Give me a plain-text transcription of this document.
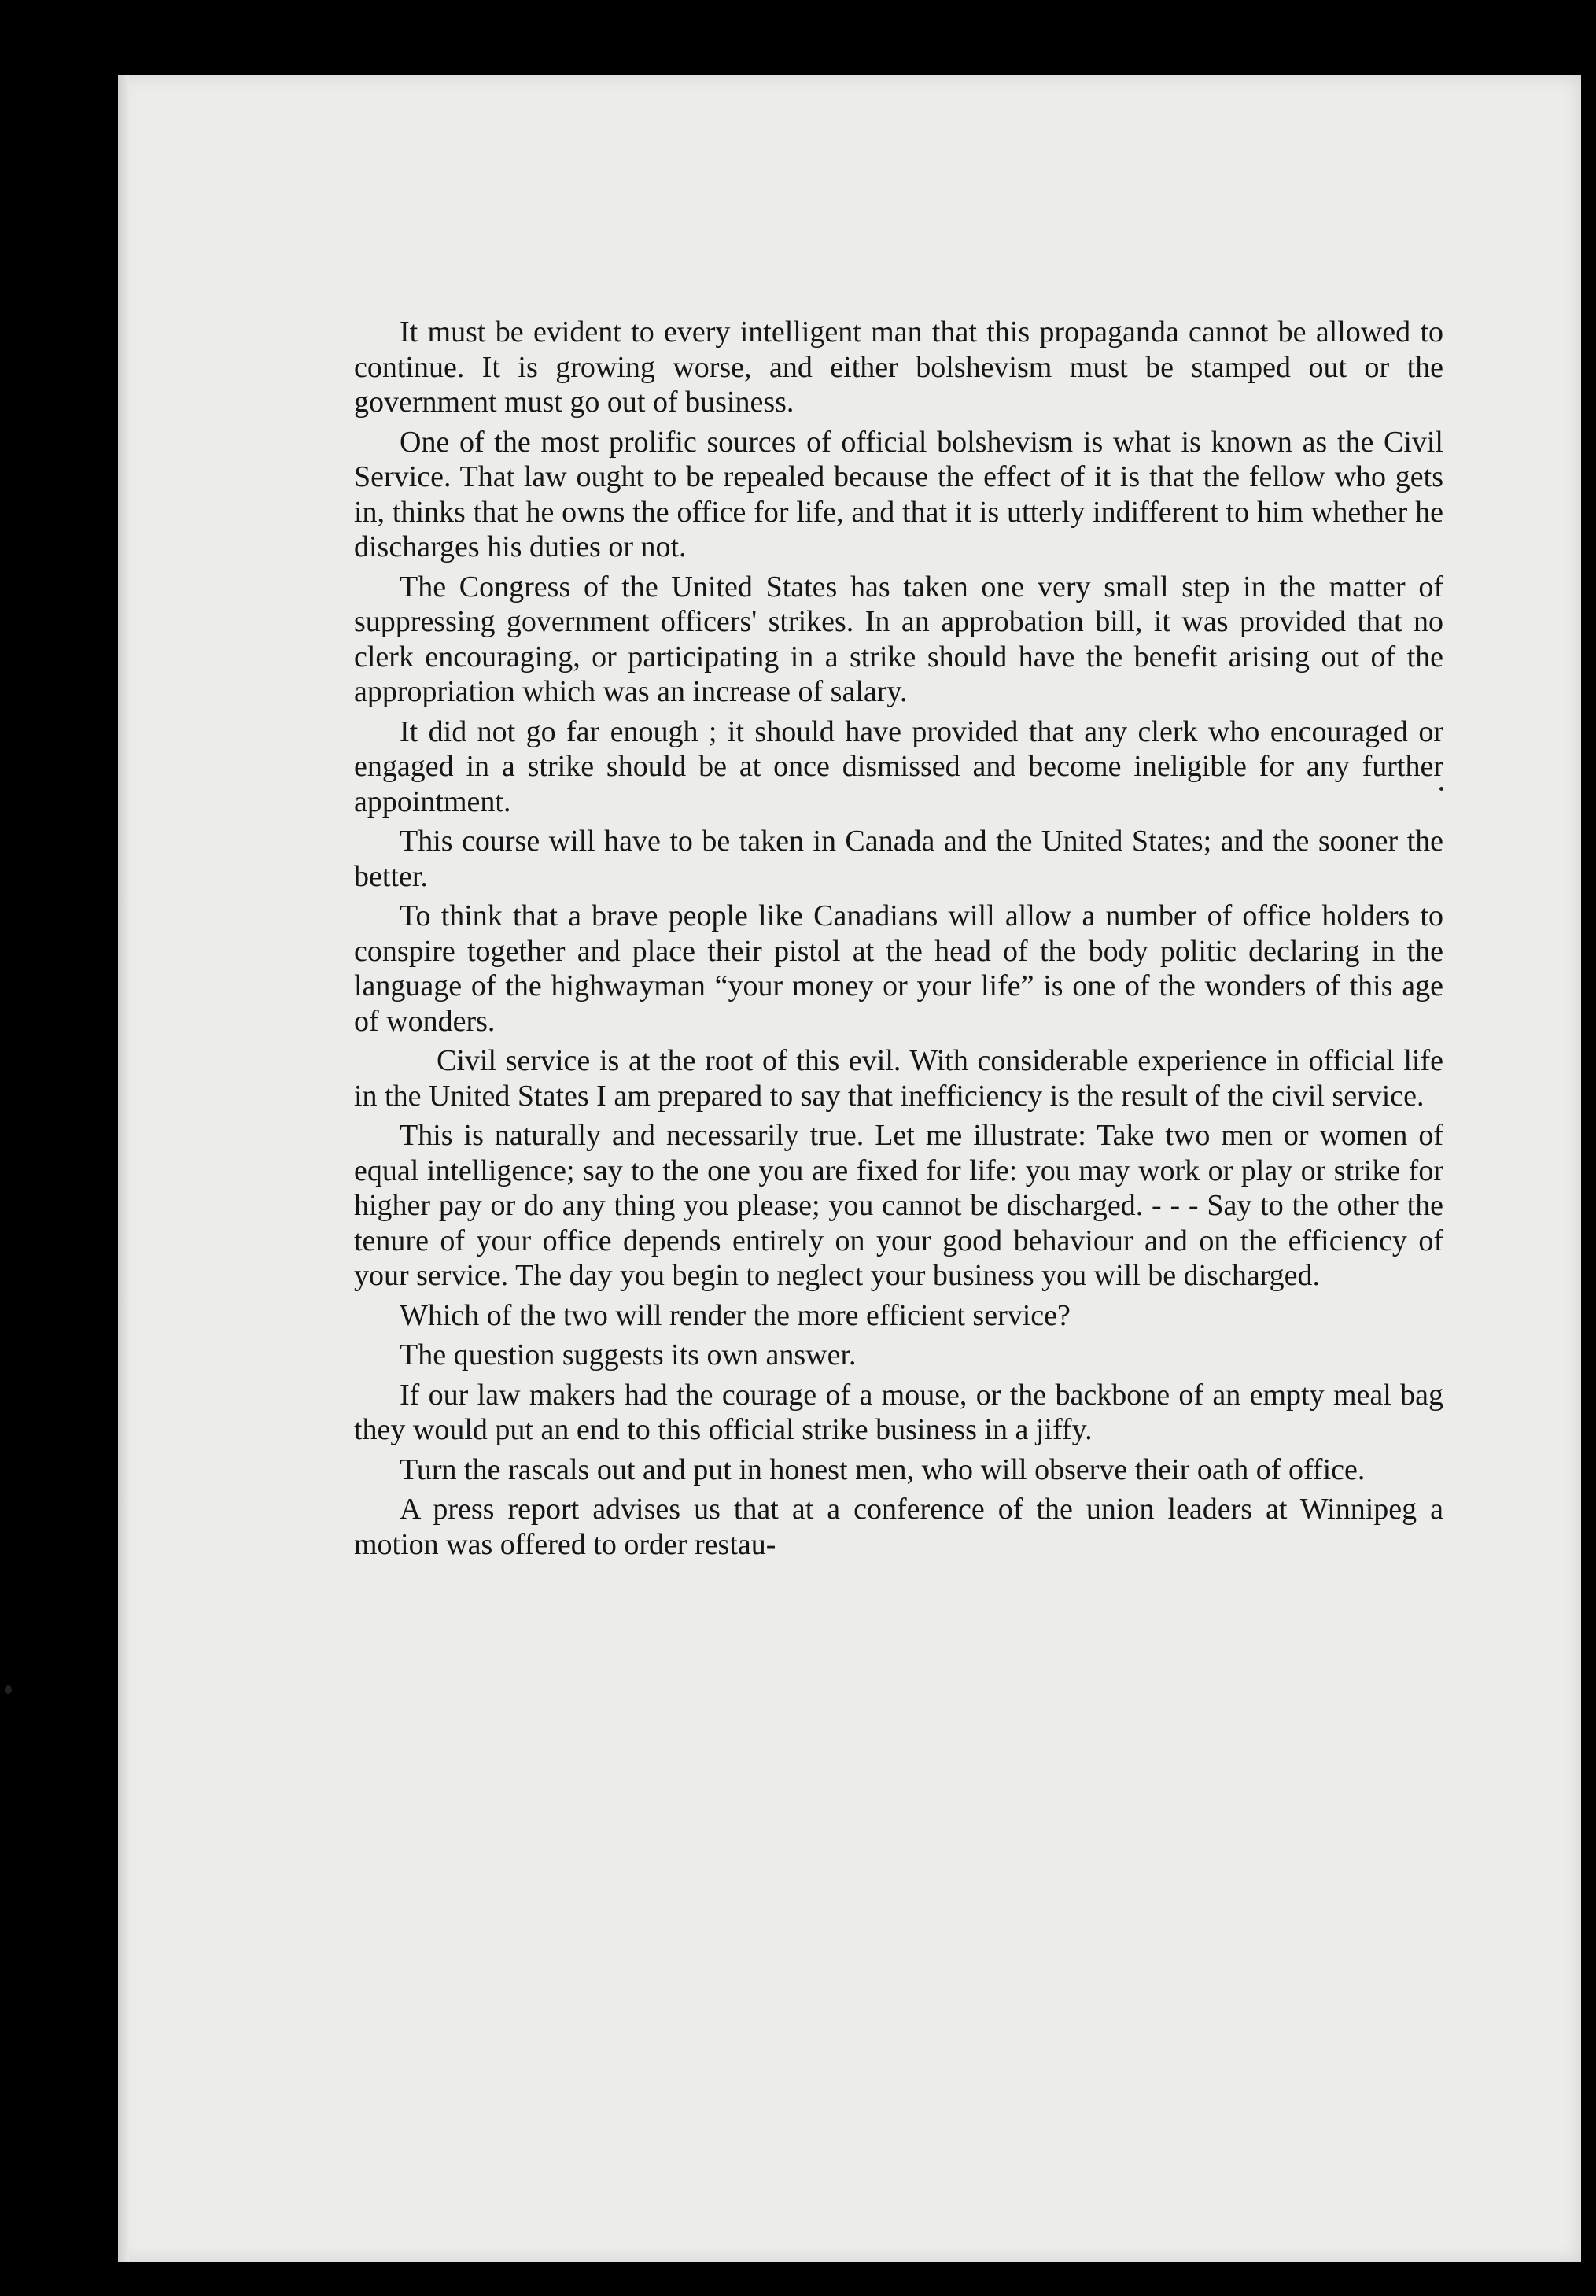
It must be evident to every intelligent man that this propaganda cannot be allowed to continue. It is growing worse, and either bolshevism must be stamped out or the government must go out of business.

One of the most prolific sources of official bolshevism is what is known as the Civil Service. That law ought to be repealed because the effect of it is that the fellow who gets in, thinks that he owns the office for life, and that it is utterly indifferent to him whether he discharges his duties or not.

The Congress of the United States has taken one very small step in the matter of suppressing government officers' strikes. In an approbation bill, it was provided that no clerk encouraging, or participating in a strike should have the benefit arising out of the appropriation which was an increase of salary.

It did not go far enough ; it should have provided that any clerk who encouraged or engaged in a strike should be at once dismissed and become ineligible for any further appointment.

This course will have to be taken in Canada and the United States; and the sooner the better.

To think that a brave people like Canadians will allow a number of office holders to conspire together and place their pistol at the head of the body politic declaring in the language of the highwayman “your money or your life” is one of the wonders of this age of wonders.

Civil service is at the root of this evil. With considerable experience in official life in the United States I am prepared to say that inefficiency is the result of the civil service.

This is naturally and necessarily true. Let me illustrate: Take two men or women of equal intelligence; say to the one you are fixed for life: you may work or play or strike for higher pay or do any thing you please; you cannot be discharged. - - - Say to the other the tenure of your office depends entirely on your good behaviour and on the efficiency of your service. The day you begin to neglect your business you will be discharged.

Which of the two will render the more efficient service?

The question suggests its own answer.

If our law makers had the courage of a mouse, or the backbone of an empty meal bag they would put an end to this official strike business in a jiffy.

Turn the rascals out and put in honest men, who will observe their oath of office.

A press report advises us that at a conference of the union leaders at Winnipeg a motion was offered to order restau-
